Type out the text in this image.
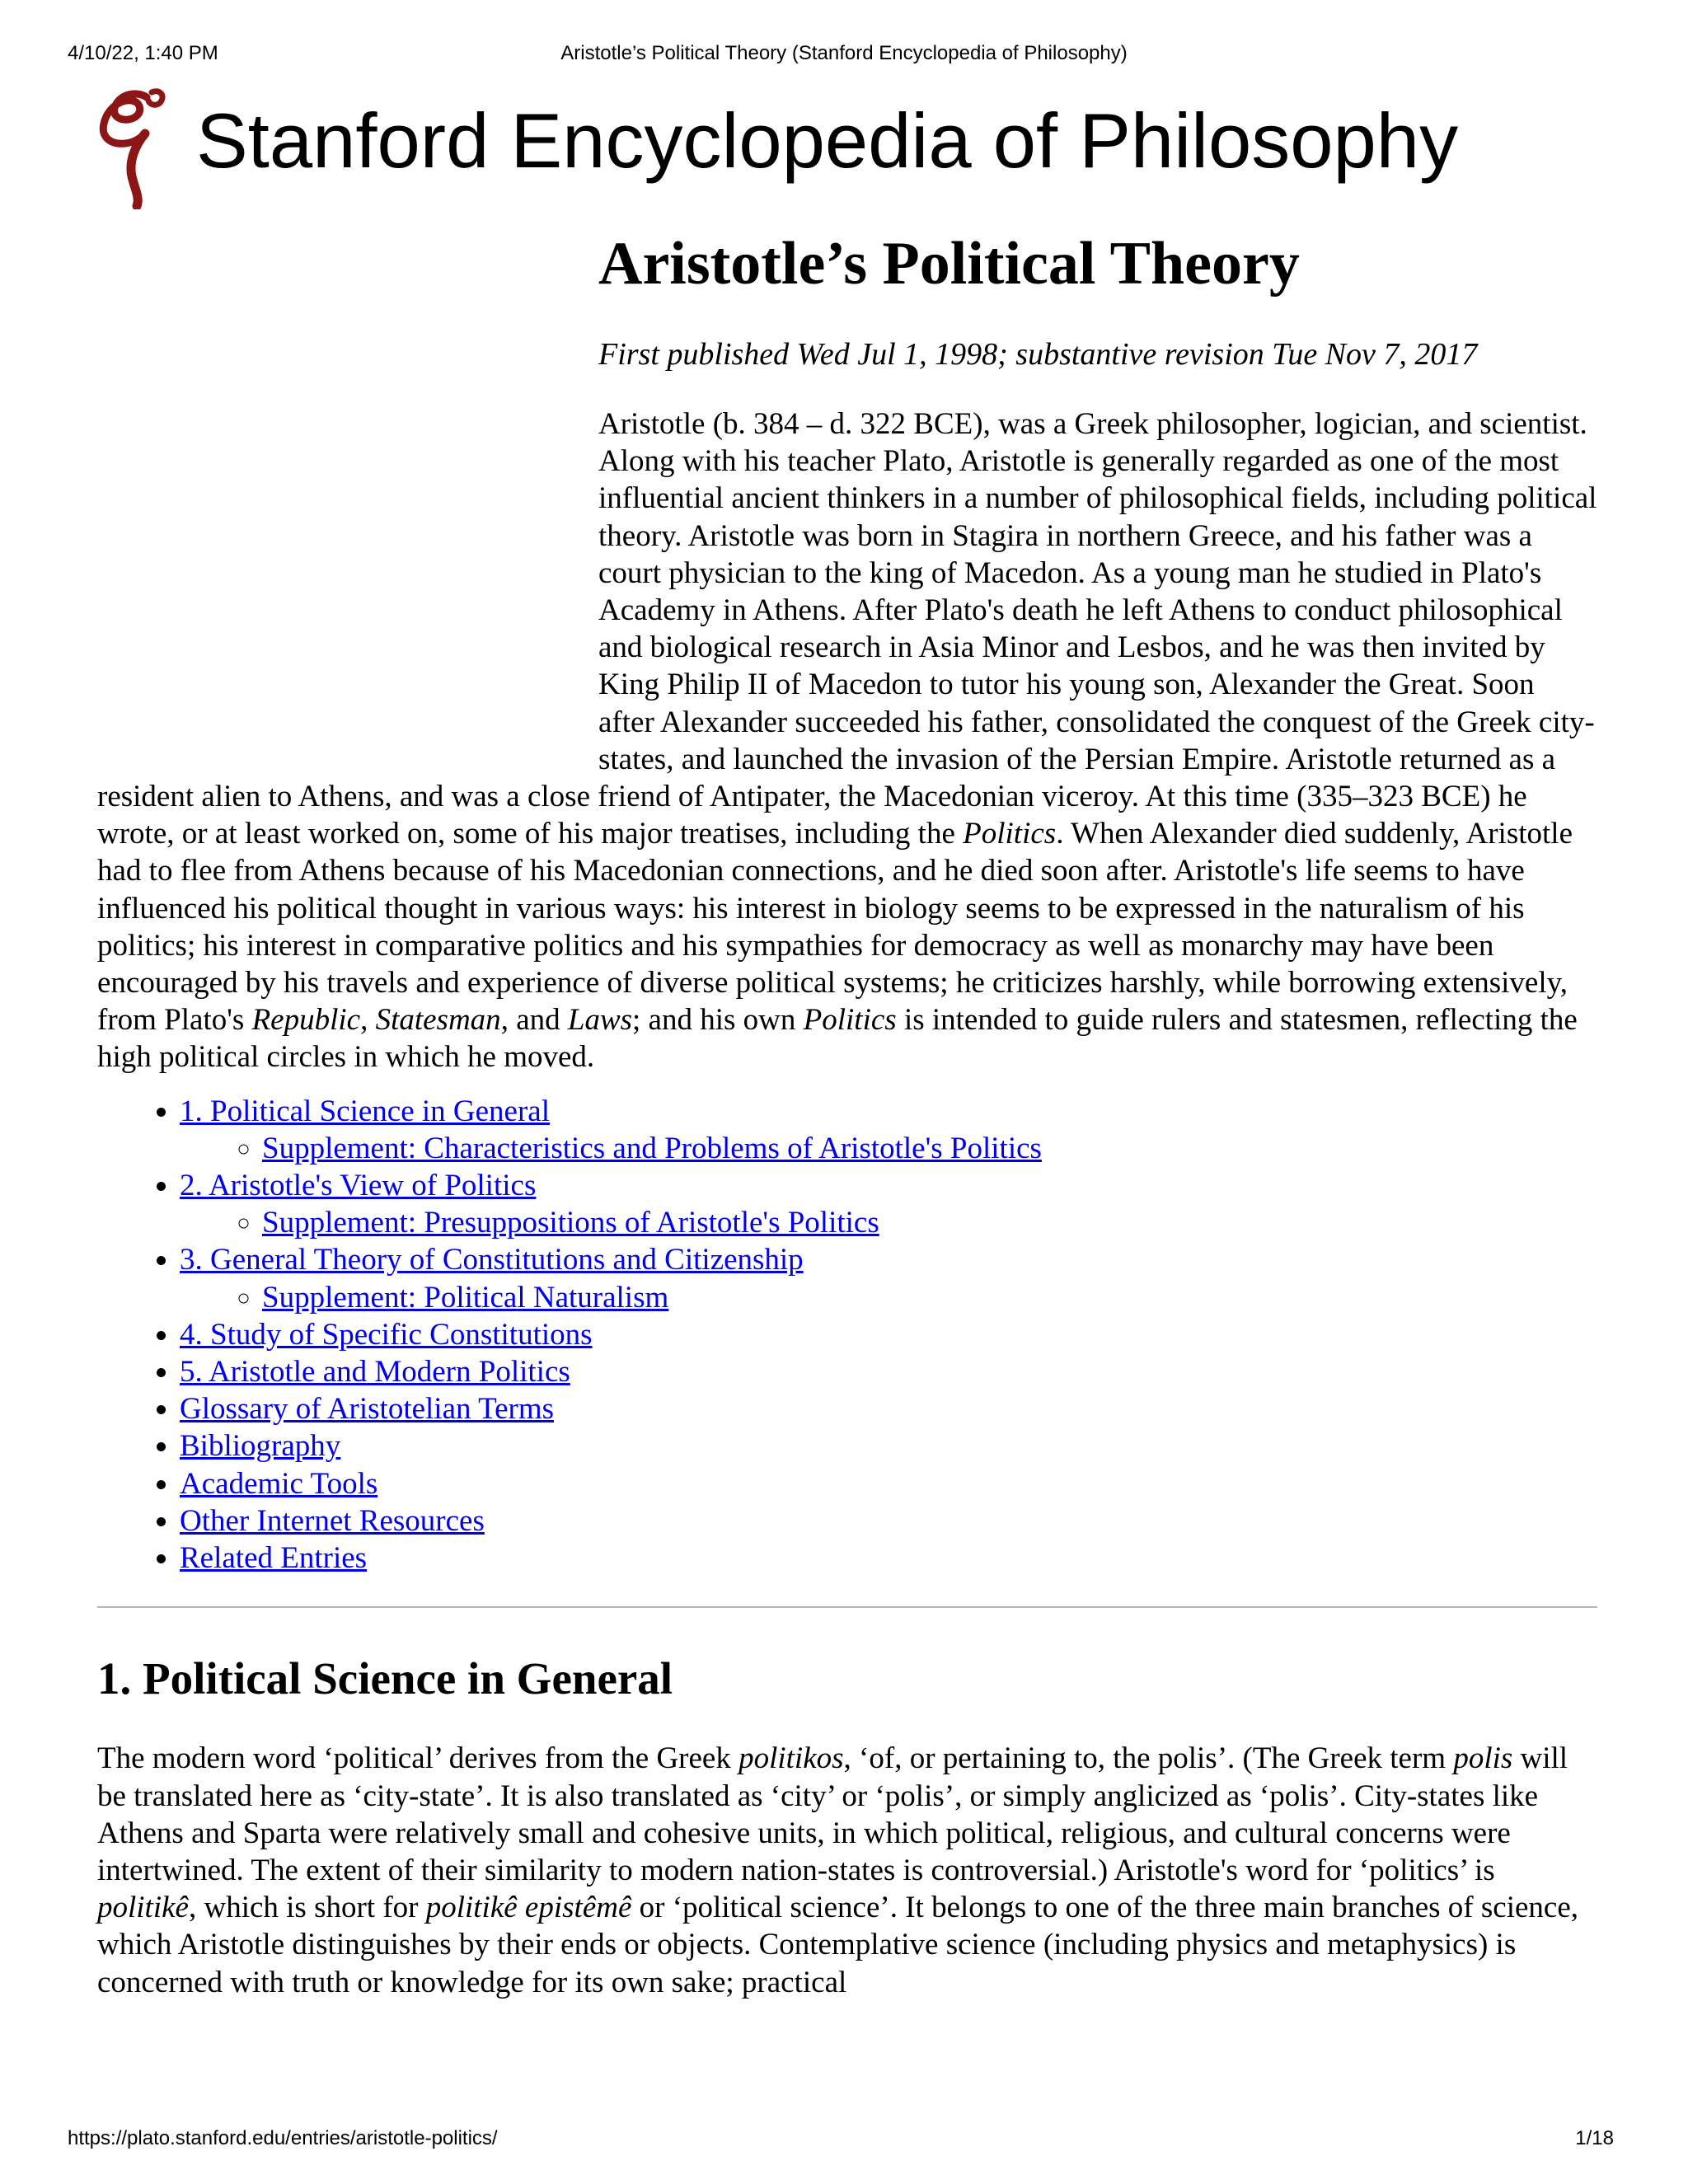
4/10/22, 1:40 PM	Aristotle’s Political Theory (Stanford Encyclopedia of Philosophy)
Stanford Encyclopedia of Philosophy
Aristotle’s Political Theory

First published Wed Jul 1, 1998; substantive revision Tue Nov 7, 2017

Aristotle (b. 384 – d. 322 BCE), was a Greek philosopher, logician, and scientist. Along with his teacher Plato, Aristotle is generally regarded as one of the most influential ancient thinkers in a number of philosophical fields, including political theory. Aristotle was born in Stagira in northern Greece, and his father was a court physician to the king of Macedon. As a young man he studied in Plato's Academy in Athens. After Plato's death he left Athens to conduct philosophical and biological research in Asia Minor and Lesbos, and he was then invited by King Philip II of Macedon to tutor his young son, Alexander the Great. Soon after Alexander succeeded his father, consolidated the conquest of the Greek city-states, and launched the invasion of the Persian Empire. Aristotle returned as a resident alien to Athens, and was a close friend of Antipater, the Macedonian viceroy. At this time (335–323 BCE) he wrote, or at least worked on, some of his major treatises, including the Politics. When Alexander died suddenly, Aristotle had to flee from Athens because of his Macedonian connections, and he died soon after. Aristotle's life seems to have influenced his political thought in various ways: his interest in biology seems to be expressed in the naturalism of his politics; his interest in comparative politics and his sympathies for democracy as well as monarchy may have been encouraged by his travels and experience of diverse political systems; he criticizes harshly, while borrowing extensively, from Plato's Republic, Statesman, and Laws; and his own Politics is intended to guide rulers and statesmen, reflecting the high political circles in which he moved.

• 1. Political Science in General
◦ Supplement: Characteristics and Problems of Aristotle's Politics
• 2. Aristotle's View of Politics
◦ Supplement: Presuppositions of Aristotle's Politics
• 3. General Theory of Constitutions and Citizenship
◦ Supplement: Political Naturalism
• 4. Study of Specific Constitutions
• 5. Aristotle and Modern Politics
• Glossary of Aristotelian Terms
• Bibliography
• Academic Tools
• Other Internet Resources
• Related Entries
1. Political Science in General

The modern word ‘political’ derives from the Greek politikos, ‘of, or pertaining to, the polis’. (The Greek term polis will be translated here as ‘city-state’. It is also translated as ‘city’ or ‘polis’, or simply anglicized as ‘polis’. City-states like Athens and Sparta were relatively small and cohesive units, in which political, religious, and cultural concerns were intertwined. The extent of their similarity to modern nation-states is controversial.) Aristotle's word for ‘politics’ is politikê, which is short for politikê epistêmê or ‘political science’. It belongs to one of the three main branches of science, which Aristotle distinguishes by their ends or objects. Contemplative science (including physics and metaphysics) is concerned with truth or knowledge for its own sake; practical

https://plato.stanford.edu/entries/aristotle-politics/	1/18
